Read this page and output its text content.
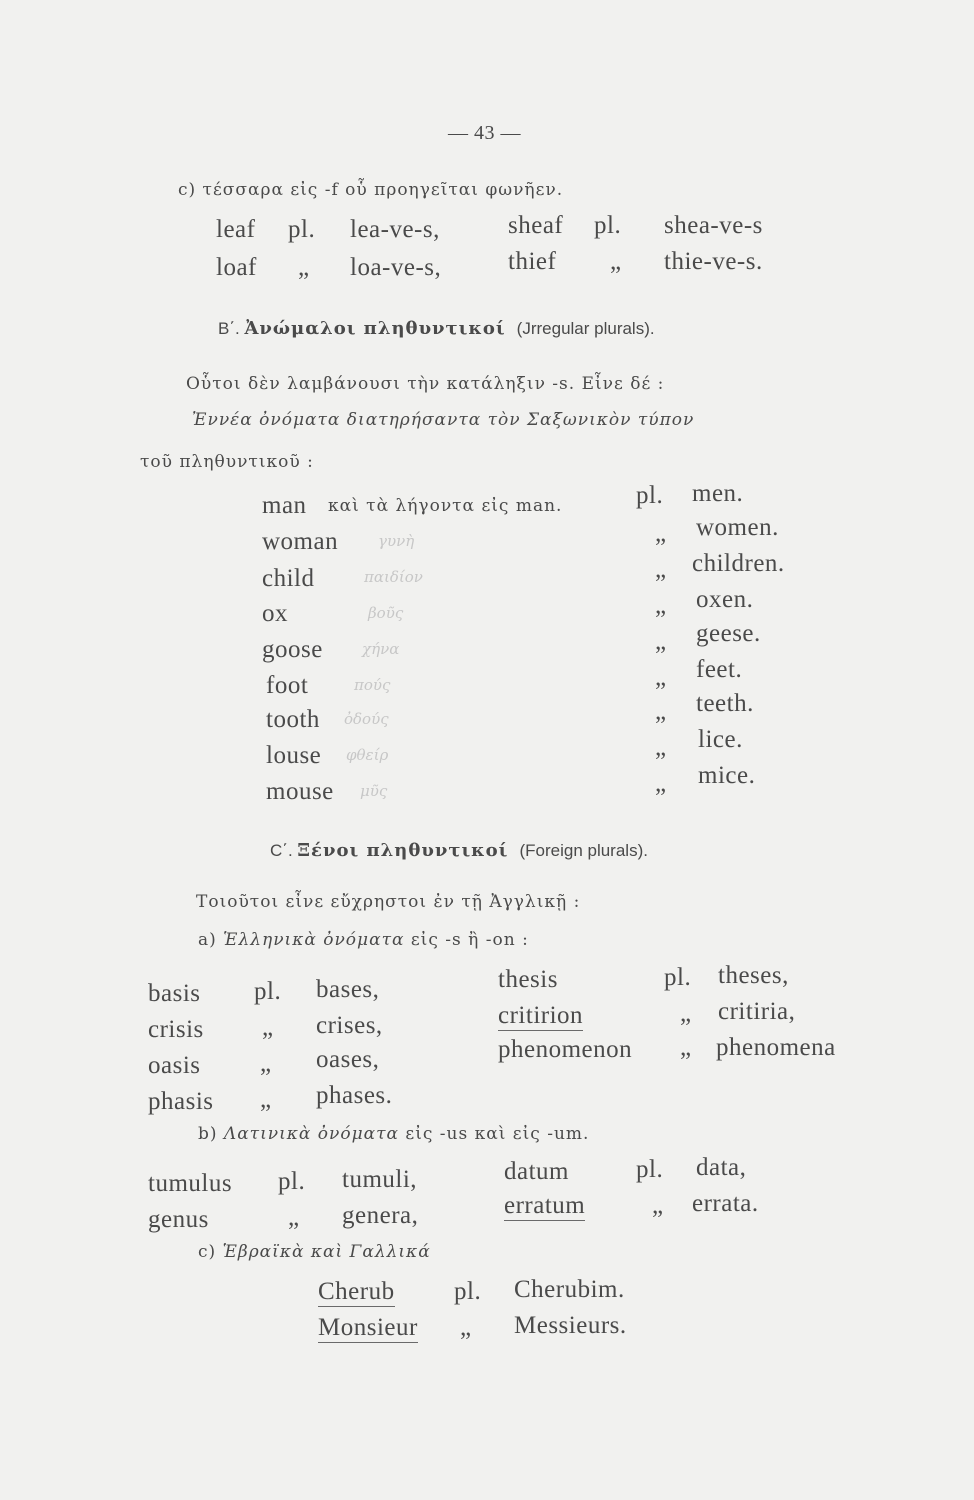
— 43 —
c) τέσσαρα εἰς -f οὗ προηγεῖται φωνῆεν.
leaf pl. lea-ve-s,	sheaf pl. shea-ve-s
loaf „ loa-ve-s,	thief „ thie-ve-s.
B΄. Ἀνώμαλοι πληθυντικοί (Jrregular plurals).
Οὗτοι δὲν λαμβάνουσι τὴν κατάληξιν -s. Εἶνε δέ :
Ἐννέα ὀνόματα διατηρήσαντα τὸν Σαξωνικὸν τύπον
τοῦ πληθυντικοῦ :
man καὶ τὰ λήγοντα εἰς man.	pl. men.
woman	γυνὴ	„ women.
child	παιδίον	„ children.
ox	βοῦς	„ oxen.
goose	χήνα	„ geese.
foot	πούς	„ feet.
tooth ὀδούς	„ teeth.
louse φθείρ	„ lice.
mouse μῦς	„ mice.
C΄. Ξένοι πληθυντικοί (Foreign plurals).
Τοιοῦτοι εἶνε εὔχρηστοι ἐν τῇ Ἀγγλικῇ :
a) Ἑλληνικὰ ὀνόματα εἰς -s ἢ -on :
basis pl. bases,	thesis	pl. theses,
crisis „ crises,	critirion	„ critiria,
oasis „ oases,	phenomenon „ phenomena
phasis „ phases.
b) Λατινικὰ ὀνόματα εἰς -us καὶ εἰς -um.
tumulus pl. tumuli,	datum	pl. data,
genus	„ genera,	erratum	„ errata.
c) Ἑβραϊκὰ καὶ Γαλλικά
Cherub pl. Cherubim.
Monsieur „ Messieurs.
